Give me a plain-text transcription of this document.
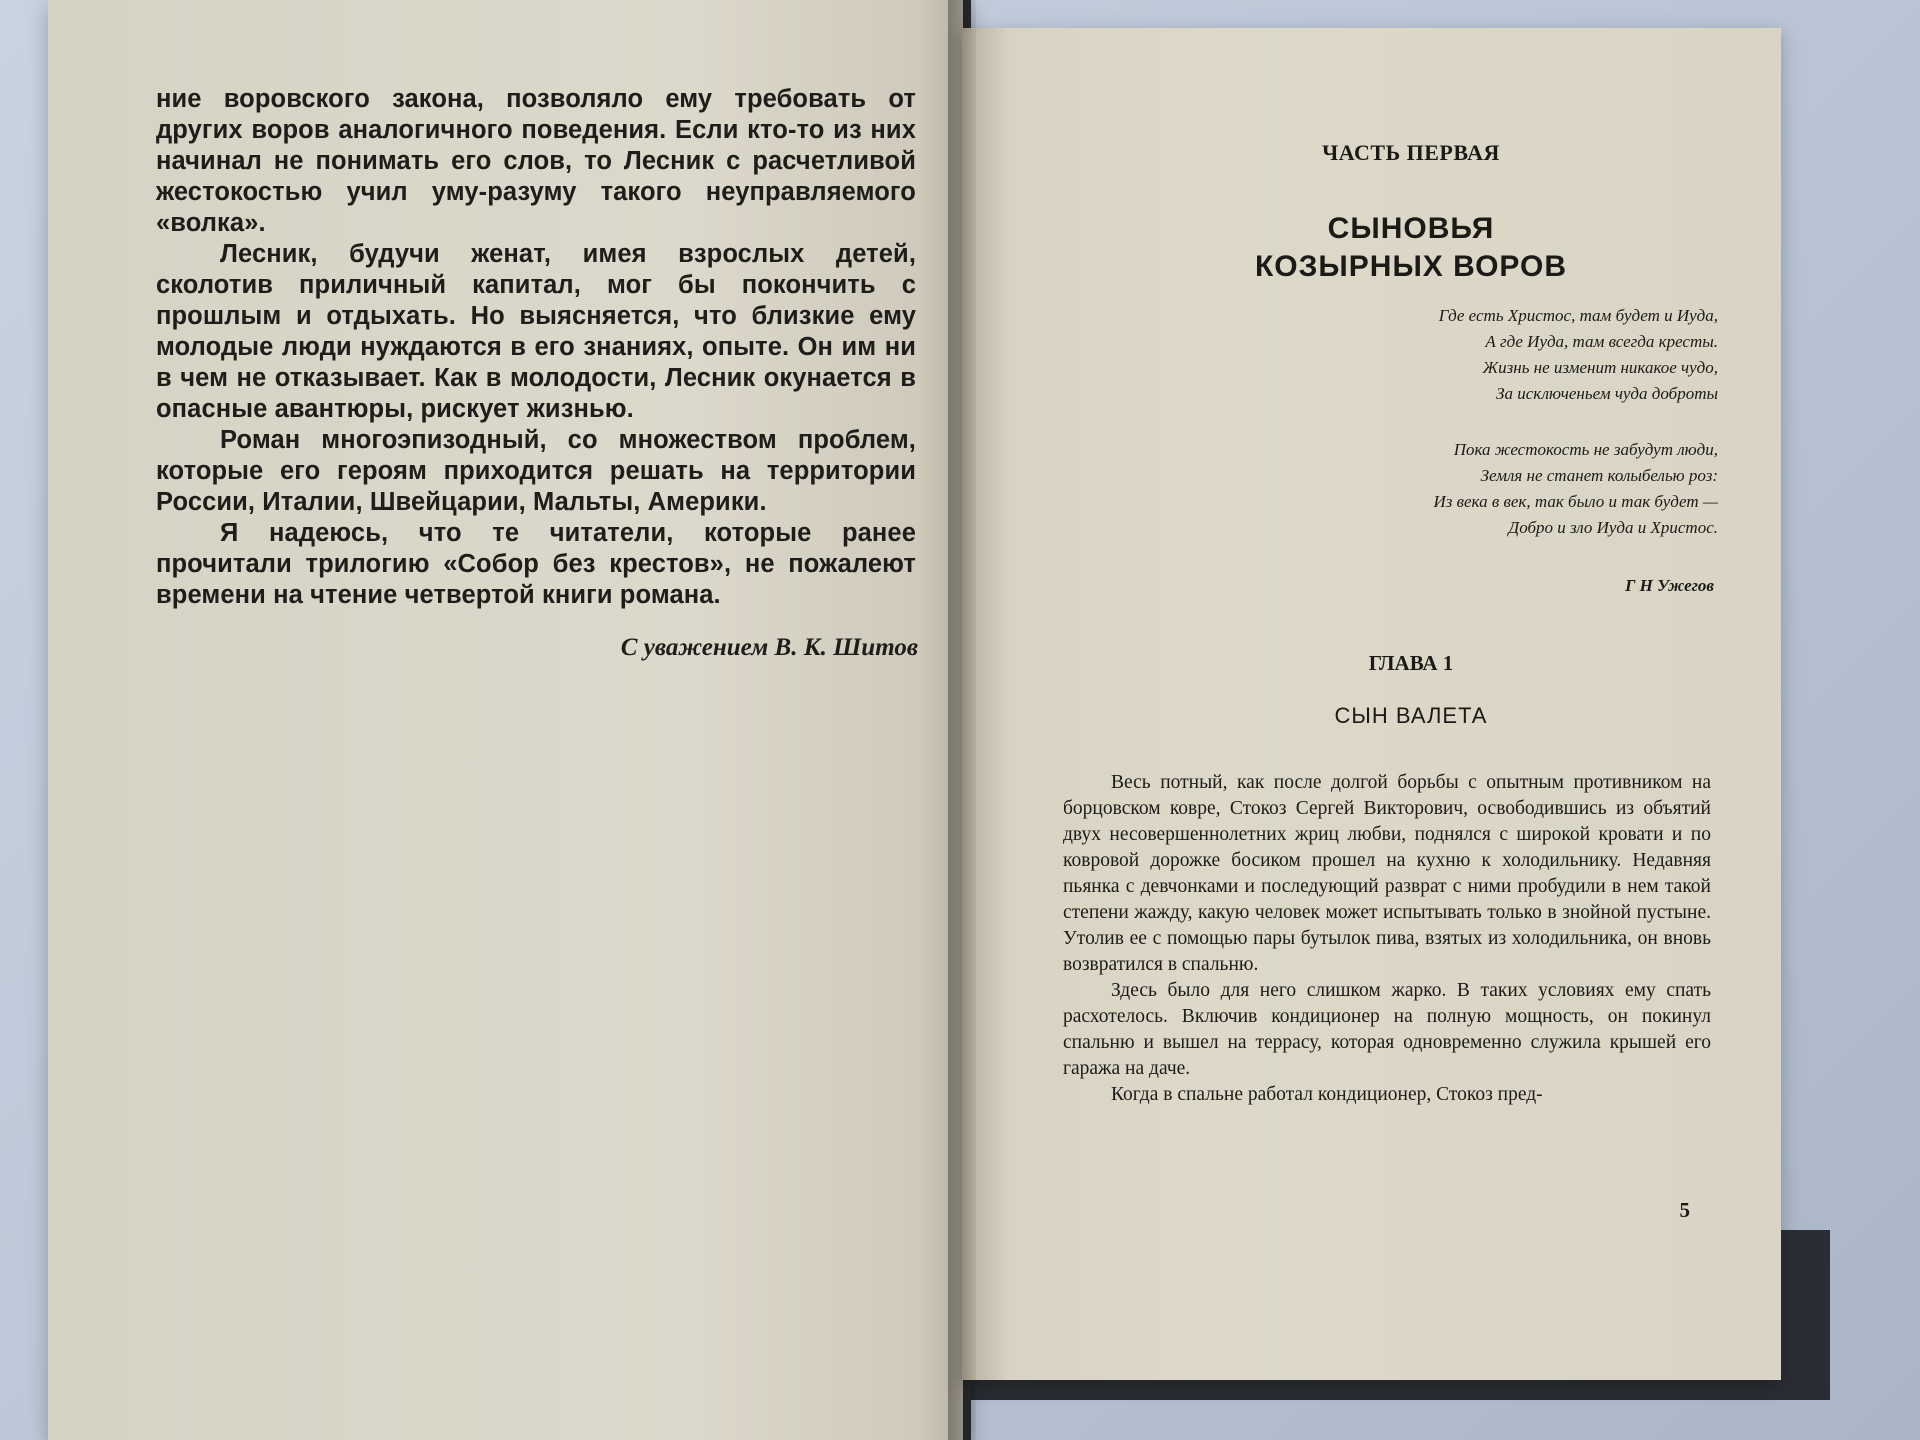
ние воровского закона, позволяло ему требовать от других воров аналогичного поведения. Если кто-то из них начинал не понимать его слов, то Лесник с расчетливой жестокостью учил уму-разуму такого неуправляемого «волка».

Лесник, будучи женат, имея взрослых детей, сколотив приличный капитал, мог бы покончить с прошлым и отдыхать. Но выясняется, что близкие ему молодые люди нуждаются в его знаниях, опыте. Он им ни в чем не отказывает. Как в молодости, Лесник окунается в опасные авантюры, рискует жизнью.

Роман многоэпизодный, со множеством проблем, которые его героям приходится решать на территории России, Италии, Швейцарии, Мальты, Америки.

Я надеюсь, что те читатели, которые ранее прочитали трилогию «Собор без крестов», не пожалеют времени на чтение четвертой книги романа.

С уважением В. К. Шитов
ЧАСТЬ ПЕРВАЯ
СЫНОВЬЯ
КОЗЫРНЫХ ВОРОВ
Где есть Христос, там будет и Иуда,
А где Иуда, там всегда кресты.
Жизнь не изменит никакое чудо,
За исключеньем чуда доброты
Пока жестокость не забудут люди,
Земля не станет колыбелью роз:
Из века в век, так было и так будет —
Добро и зло Иуда и Христос.
Г Н Ужегов
ГЛАВА 1
СЫН ВАЛЕТА

Весь потный, как после долгой борьбы с опытным противником на борцовском ковре, Стокоз Сергей Викторович, освободившись из объятий двух несовершеннолетних жриц любви, поднялся с широкой кровати и по ковровой дорожке босиком прошел на кухню к холодильнику. Недавняя пьянка с девчонками и последующий разврат с ними пробудили в нем такой степени жажду, какую человек может испытывать только в знойной пустыне. Утолив ее с помощью пары бутылок пива, взятых из холодильника, он вновь возвратился в спальню.

Здесь было для него слишком жарко. В таких условиях ему спать расхотелось. Включив кондиционер на полную мощность, он покинул спальню и вышел на террасу, которая одновременно служила крышей его гаража на даче.

Когда в спальне работал кондиционер, Стокоз пред-

5
